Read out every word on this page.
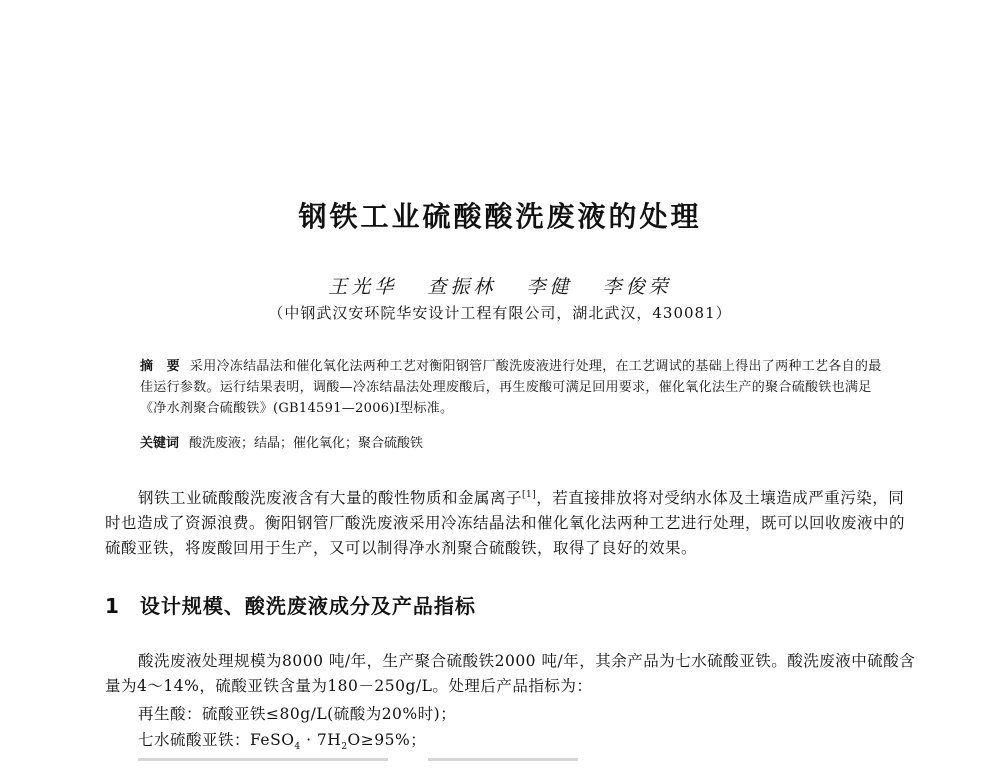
钢铁工业硫酸酸洗废液的处理
王光华 查振林 李健 李俊荣
（中钢武汉安环院华安设计工程有限公司，湖北武汉，430081）
摘　要 采用冷冻结晶法和催化氧化法两种工艺对衡阳钢管厂酸洗废液进行处理，在工艺调试的基础上得出了两种工艺各自的最佳运行参数。运行结果表明，调酸—冷冻结晶法处理废酸后，再生废酸可满足回用要求，催化氧化法生产的聚合硫酸铁也满足《净水剂聚合硫酸铁》(GB14591—2006)Ⅰ型标准。
关键词 酸洗废液；结晶；催化氧化；聚合硫酸铁

钢铁工业硫酸酸洗废液含有大量的酸性物质和金属离子[1]，若直接排放将对受纳水体及土壤造成严重污染，同时也造成了资源浪费。衡阳钢管厂酸洗废液采用冷冻结晶法和催化氧化法两种工艺进行处理，既可以回收废液中的硫酸亚铁，将废酸回用于生产，又可以制得净水剂聚合硫酸铁，取得了良好的效果。

1 设计规模、酸洗废液成分及产品指标

酸洗废液处理规模为8000 吨/年，生产聚合硫酸铁2000 吨/年，其余产品为七水硫酸亚铁。酸洗废液中硫酸含量为4～14%，硫酸亚铁含量为180－250g/L。处理后产品指标为：

再生酸：硫酸亚铁≤80g/L(硫酸为20%时)；

七水硫酸亚铁：FeSO$_4$ · $7H_2O\ge 95\%$；
